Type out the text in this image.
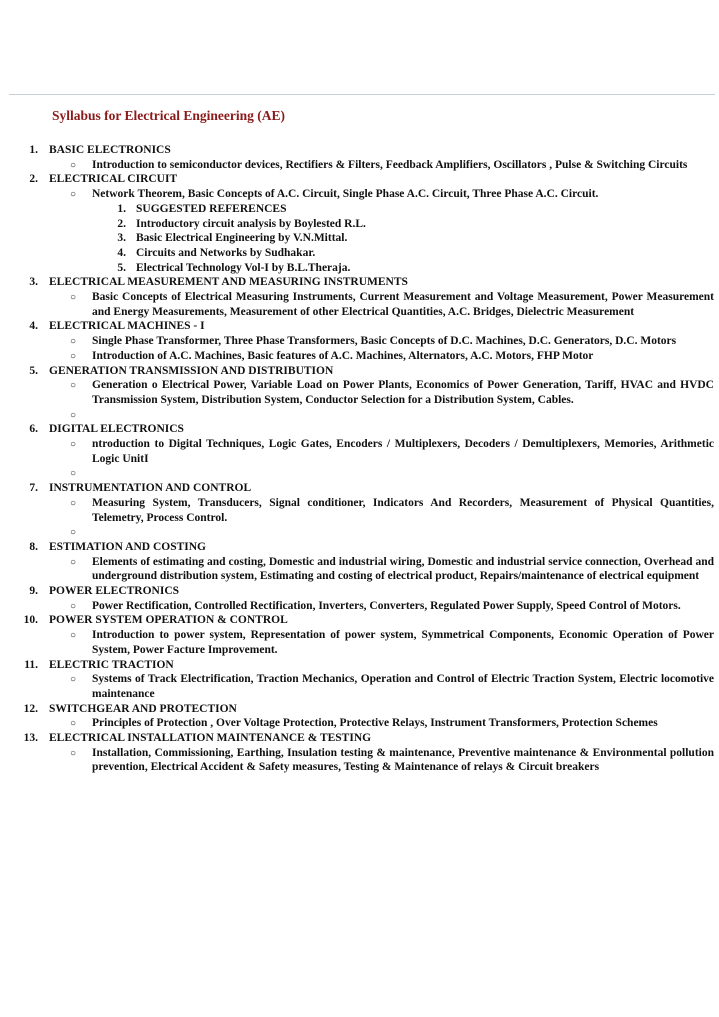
Syllabus for Electrical Engineering (AE)
1. BASIC ELECTRONICS
○ Introduction to semiconductor devices, Rectifiers & Filters, Feedback Amplifiers, Oscillators , Pulse & Switching Circuits
2. ELECTRICAL CIRCUIT
○ Network Theorem, Basic Concepts of A.C. Circuit, Single Phase A.C. Circuit, Three Phase A.C. Circuit.
1. SUGGESTED REFERENCES
2. Introductory circuit analysis by Boylested R.L.
3. Basic Electrical Engineering by V.N.Mittal.
4. Circuits and Networks by Sudhakar.
5. Electrical Technology Vol-I by B.L.Theraja.
3. ELECTRICAL MEASUREMENT AND MEASURING INSTRUMENTS
○ Basic Concepts of Electrical Measuring Instruments, Current Measurement and Voltage Measurement, Power Measurement and Energy Measurements, Measurement of other Electrical Quantities, A.C. Bridges, Dielectric Measurement
4. ELECTRICAL MACHINES - I
○ Single Phase Transformer, Three Phase Transformers, Basic Concepts of D.C. Machines, D.C. Generators, D.C. Motors
○ Introduction of A.C. Machines, Basic features of A.C. Machines, Alternators, A.C. Motors, FHP Motor
5. GENERATION TRANSMISSION AND DISTRIBUTION
○ Generation o Electrical Power, Variable Load on Power Plants, Economics of Power Generation, Tariff, HVAC and HVDC Transmission System, Distribution System, Conductor Selection for a Distribution System, Cables.
○
6. DIGITAL ELECTRONICS
○ ntroduction to Digital Techniques, Logic Gates, Encoders / Multiplexers, Decoders / Demultiplexers, Memories, Arithmetic Logic UnitI
○
7. INSTRUMENTATION AND CONTROL
○ Measuring System, Transducers, Signal conditioner, Indicators And Recorders, Measurement of Physical Quantities, Telemetry, Process Control.
○
8. ESTIMATION AND COSTING
○ Elements of estimating and costing, Domestic and industrial wiring, Domestic and industrial service connection, Overhead and underground distribution system, Estimating and costing of electrical product, Repairs/maintenance of electrical equipment
9. POWER ELECTRONICS
○ Power Rectification, Controlled Rectification, Inverters, Converters, Regulated Power Supply, Speed Control of Motors.
10. POWER SYSTEM OPERATION & CONTROL
○ Introduction to power system, Representation of power system, Symmetrical Components, Economic Operation of Power System, Power Facture Improvement.
11. ELECTRIC TRACTION
○ Systems of Track Electrification, Traction Mechanics, Operation and Control of Electric Traction System, Electric locomotive maintenance
12. SWITCHGEAR AND PROTECTION
○ Principles of Protection , Over Voltage Protection, Protective Relays, Instrument Transformers, Protection Schemes
13. ELECTRICAL INSTALLATION MAINTENANCE & TESTING
○ Installation, Commissioning, Earthing, Insulation testing & maintenance, Preventive maintenance & Environmental pollution prevention, Electrical Accident & Safety measures, Testing & Maintenance of relays & Circuit breakers
